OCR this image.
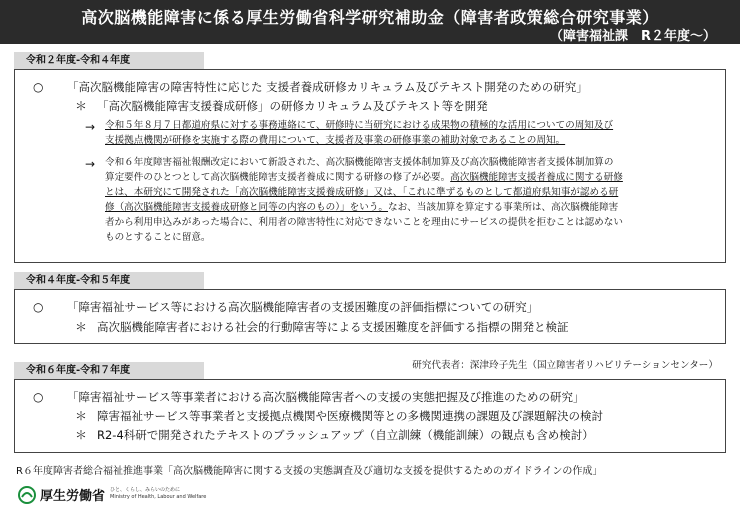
高次脳機能障害に係る厚生労働省科学研究補助金（障害者政策総合研究事業）
（障害福祉課　R２年度～）
令和２年度‐令和４年度
○ 「高次脳機能障害の障害特性に応じた 支援者養成研修カリキュラム及びテキスト開発のための研究」
＊ 「高次脳機能障害支援養成研修」の研修カリキュラム及びテキスト等を開発
→ 令和５年８月７日都道府県に対する事務連絡にて、研修時に当研究における成果物の積極的な活用についての周知及び
支援拠点機関が研修を実施する際の費用について、支援者及事業の研修事業の補助対象であることの周知。
→ 令和６年度障害福祉報酬改定において新設された、高次脳機能障害支援体制加算及び高次脳機能障害者支援体制加算の
算定要件のひとつとして高次脳機能障害支援者養成に関する研修の修了が必要。高次脳機能障害支援者養成に関する研修
とは、本研究にて開発された「高次脳機能障害支援養成研修」又は、「これに準ずるものとして都道府県知事が認める研
修（高次脳機能障害支援養成研修と同等の内容のもの）」をいう。なお、当該加算を算定する事業所は、高次脳機能障害
者から利用申込みがあった場合に、利用者の障害特性に対応できないことを理由にサービスの提供を拒むことは認めない
ものとすることに留意。
令和４年度‐令和５年度
○ 「障害福祉サービス等における高次脳機能障害者の支援困難度の評価指標についての研究」
＊ 高次脳機能障害者における社会的行動障害等による支援困難度を評価する指標の開発と検証
令和６年度‐令和７年度	研究代表者：深津玲子先生（国立障害者リハビリテーションセンター）
○ 「障害福祉サービス等事業者における高次脳機能障害者への支援の実態把握及び推進のための研究」
＊ 障害福祉サービス等事業者と支援拠点機関や医療機関等との多機関連携の課題及び課題解決の検討
＊ R2-4科研で開発されたテキストのブラッシュアップ（自立訓練（機能訓練）の観点も含め検討）
R６年度障害者総合福祉推進事業「高次脳機能障害に関する支援の実態調査及び適切な支援を提供するためのガイドラインの作成」
厚生労働省 ひと、くらし、みらいのために
Ministry of Health, Labour and Welfare
